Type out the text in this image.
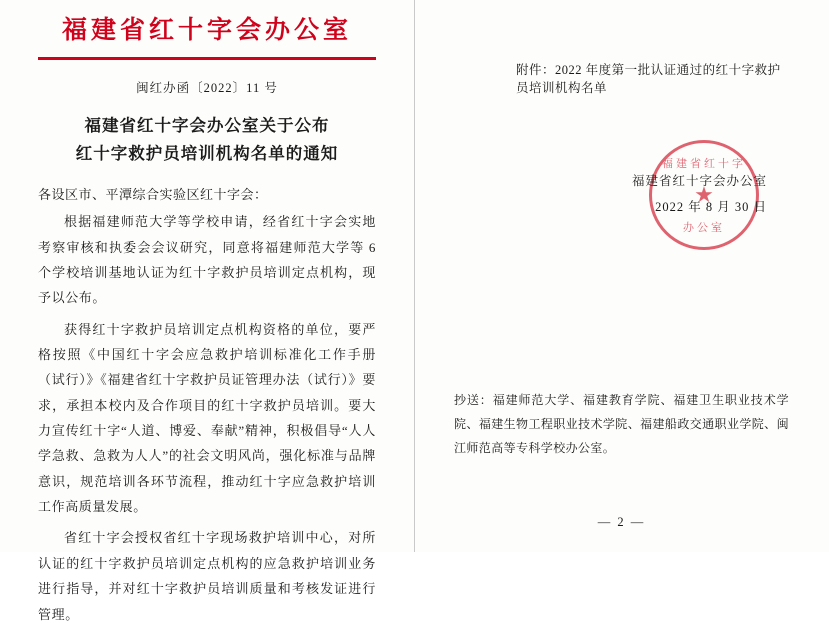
福建省红十字会办公室
闽红办函〔2022〕11 号
福建省红十字会办公室关于公布
红十字救护员培训机构名单的通知
各设区市、平潭综合实验区红十字会：

根据福建师范大学等学校申请，经省红十字会实地考察审核和执委会会议研究，同意将福建师范大学等 6 个学校培训基地认证为红十字救护员培训定点机构，现予以公布。

获得红十字救护员培训定点机构资格的单位，要严格按照《中国红十字会应急救护培训标准化工作手册（试行）》《福建省红十字救护员证管理办法（试行）》要求，承担本校内及合作项目的红十字救护员培训。要大力宣传红十字“人道、博爱、奉献”精神，积极倡导“人人学急救、急救为人人”的社会文明风尚，强化标准与品牌意识，规范培训各环节流程，推动红十字应急救护培训工作高质量发展。

省红十字会授权省红十字现场救护培训中心，对所认证的红十字救护员培训定点机构的应急救护培训业务进行指导，并对红十字救护员培训质量和考核发证进行管理。

附件：2022 年度第一批认证通过的红十字救护员培训机构名单
福建省红十字
★
办公室
福建省红十字会办公室
2022 年 8 月 30 日
抄送：福建师范大学、福建教育学院、福建卫生职业技术学院、福建生物工程职业技术学院、福建船政交通职业学院、闽江师范高等专科学校办公室。
— 2 —
